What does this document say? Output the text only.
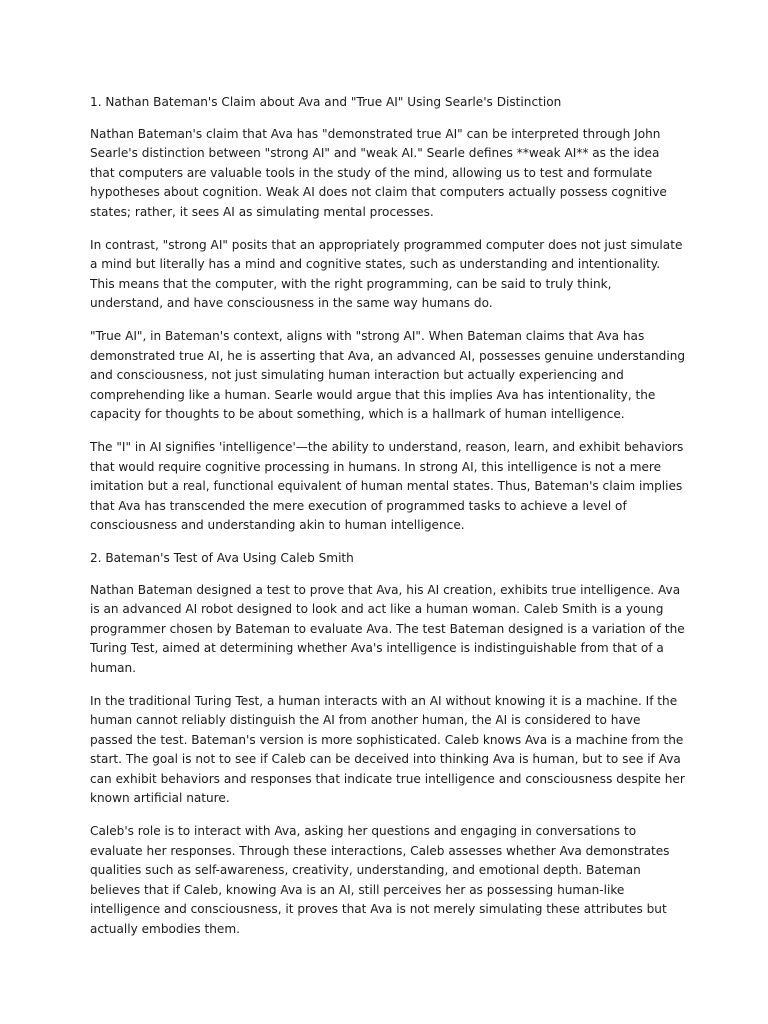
1. Nathan Bateman's Claim about Ava and "True AI" Using Searle's Distinction

Nathan Bateman's claim that Ava has "demonstrated true AI" can be interpreted through John Searle's distinction between "strong AI" and "weak AI." Searle defines **weak AI** as the idea that computers are valuable tools in the study of the mind, allowing us to test and formulate hypotheses about cognition. Weak AI does not claim that computers actually possess cognitive states; rather, it sees AI as simulating mental processes.

In contrast, "strong AI" posits that an appropriately programmed computer does not just simulate a mind but literally has a mind and cognitive states, such as understanding and intentionality. This means that the computer, with the right programming, can be said to truly think, understand, and have consciousness in the same way humans do.

"True AI", in Bateman's context, aligns with "strong AI". When Bateman claims that Ava has demonstrated true AI, he is asserting that Ava, an advanced AI, possesses genuine understanding and consciousness, not just simulating human interaction but actually experiencing and comprehending like a human. Searle would argue that this implies Ava has intentionality, the capacity for thoughts to be about something, which is a hallmark of human intelligence.

The "I" in AI signifies 'intelligence'—the ability to understand, reason, learn, and exhibit behaviors that would require cognitive processing in humans. In strong AI, this intelligence is not a mere imitation but a real, functional equivalent of human mental states. Thus, Bateman's claim implies that Ava has transcended the mere execution of programmed tasks to achieve a level of consciousness and understanding akin to human intelligence.

2. Bateman's Test of Ava Using Caleb Smith

Nathan Bateman designed a test to prove that Ava, his AI creation, exhibits true intelligence. Ava is an advanced AI robot designed to look and act like a human woman. Caleb Smith is a young programmer chosen by Bateman to evaluate Ava. The test Bateman designed is a variation of the Turing Test, aimed at determining whether Ava's intelligence is indistinguishable from that of a human.

In the traditional Turing Test, a human interacts with an AI without knowing it is a machine. If the human cannot reliably distinguish the AI from another human, the AI is considered to have passed the test. Bateman's version is more sophisticated. Caleb knows Ava is a machine from the start. The goal is not to see if Caleb can be deceived into thinking Ava is human, but to see if Ava can exhibit behaviors and responses that indicate true intelligence and consciousness despite her known artificial nature.

Caleb's role is to interact with Ava, asking her questions and engaging in conversations to evaluate her responses. Through these interactions, Caleb assesses whether Ava demonstrates qualities such as self-awareness, creativity, understanding, and emotional depth. Bateman believes that if Caleb, knowing Ava is an AI, still perceives her as possessing human-like intelligence and consciousness, it proves that Ava is not merely simulating these attributes but actually embodies them.
